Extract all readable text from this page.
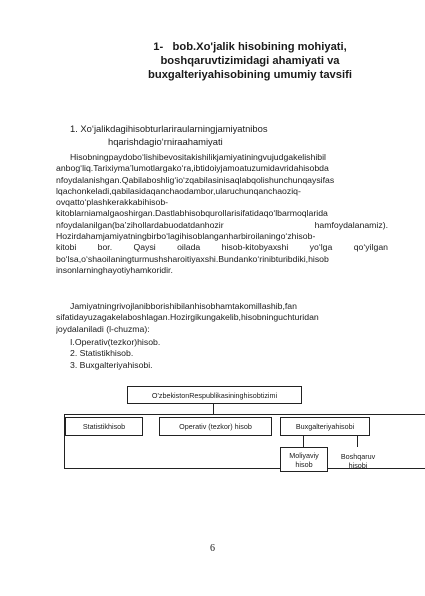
1- bob.Xo'jalik hisobining mohiyati,
boshqaruvtizimidagi ahamiyati va
buxgalteriyahisobining umumiy tavsifi
1. Xo‘jalikdagihisobturlariraularningjamiyatnibos
hqarishdagio‘rniraahamiyati
Hisobningpaydobo‘lishibevositakishilikjamiyatiningvujudgakelishibil
anbog‘liq.Tarixiyma’lumotlargako‘ra,ibtidoiyjamoatuzumidavridahisobda
nfoydalanishgan.Qabilaboshlig‘io‘zqabilasinisaqlabqolishunchunqaysifas
lqachonkeladi,qabilasidaqanchaodambor,ularuchunqanchaoziq-
ovqatto‘plashkerakkabihisob-
kitoblarniamalgaoshirgan.Dastlabhisobqurollarisifatidaqo‘lbarmoqlarida
nfoydalanilgan(ba’zihollardabuodatdanhozir           hamfoydalanamiz).
Hozirdahamjamiyatningbirbo‘lagihisoblanganharbiroilaningo‘zhisob-
kitobi    bor.    Qaysi    oilada    hisob-kitobyaxshi    yo‘lga    qo‘yilgan
bo‘lsa,o‘shaoilaningturmushsharoitiyaxshi.Bundanko‘rinibturibdiki,hisob
insonlarninghayotiyhamkoridir.
Jamiyatningrivojlanibborishibilanhisobhamtakomillashib,fan
sifatidayuzagakelaboshlagan.Hozirgikungakelib,hisobninguchturidan
joydalaniladi (l-chuzma):
I.Operativ(tezkor)hisob.
2. Statistikhisob.
3. Buxgalteriyahisobi.
O'zbekistonRespublikasininghisobtizimi
Statistikhisob	Operativ (tezkor) hisob	Buxgalteriyahisobi
Moliyaviy hisob
Boshqaruv hisobi
6
